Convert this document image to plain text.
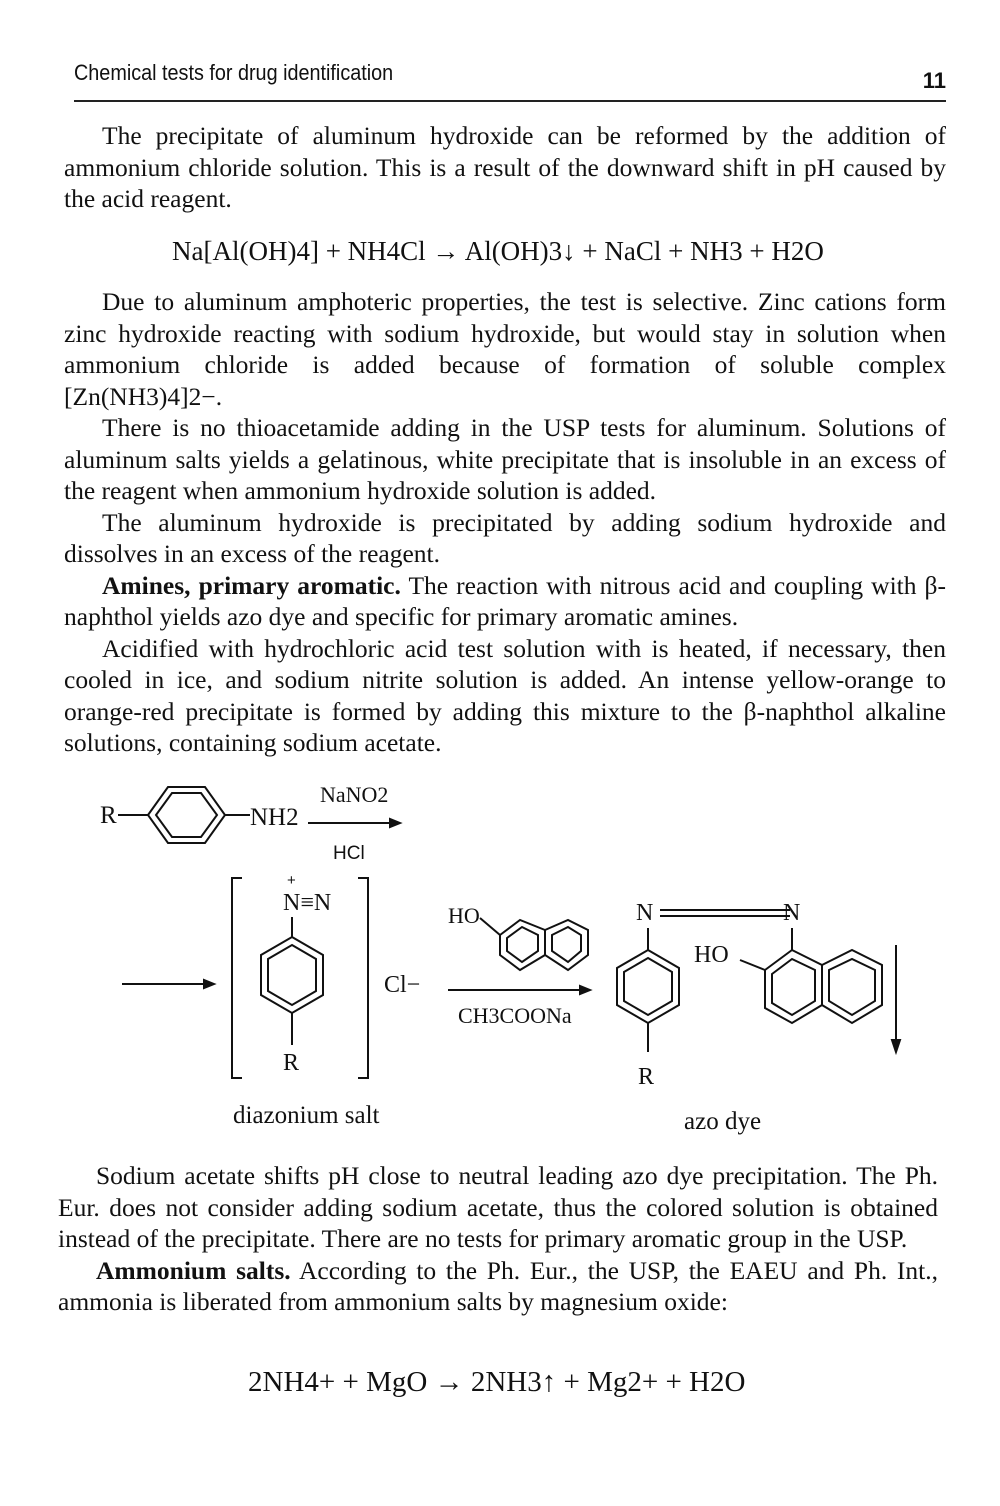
Chemical tests for drug identification	11

The precipitate of aluminum hydroxide can be reformed by the addition of ammonium chloride solution. This is a result of the downward shift in pH caused by the acid reagent.

Na[Al(OH)4] + NH4Cl → Al(OH)3↓ + NaCl + NH3 + H2O

Due to aluminum amphoteric properties, the test is selective. Zinc cations form zinc hydroxide reacting with sodium hydroxide, but would stay in solution when ammonium chloride is added because of formation of soluble complex [Zn(NH3)4]2−.

There is no thioacetamide adding in the USP tests for aluminum. Solutions of aluminum salts yields a gelatinous, white precipitate that is insoluble in an excess of the reagent when ammonium hydroxide solution is added.

The aluminum hydroxide is precipitated by adding sodium hydroxide and dissolves in an excess of the reagent.

Amines, primary aromatic. The reaction with nitrous acid and coupling with β-naphthol yields azo dye and specific for primary aromatic amines.

Acidified with hydrochloric acid test solution with is heated, if necessary, then cooled in ice, and sodium nitrite solution is added. An intense yellow-orange to orange-red precipitate is formed by adding this mixture to the β-naphthol alkaline solutions, containing sodium acetate.

R	NH2
NaNO2
HCl
+
N≡N
Cl−
R
HO
CH3COONa
N	N
HO
R
diazonium salt	azo dye

Sodium acetate shifts pH close to neutral leading azo dye precipitation. The Ph. Eur. does not consider adding sodium acetate, thus the colored solution is obtained instead of the precipitate. There are no tests for primary aromatic group in the USP.

Ammonium salts. According to the Ph. Eur., the USP, the EAEU and Ph. Int., ammonia is liberated from ammonium salts by magnesium oxide:

2NH4+ + MgO → 2NH3↑ + Mg2+ + H2O
